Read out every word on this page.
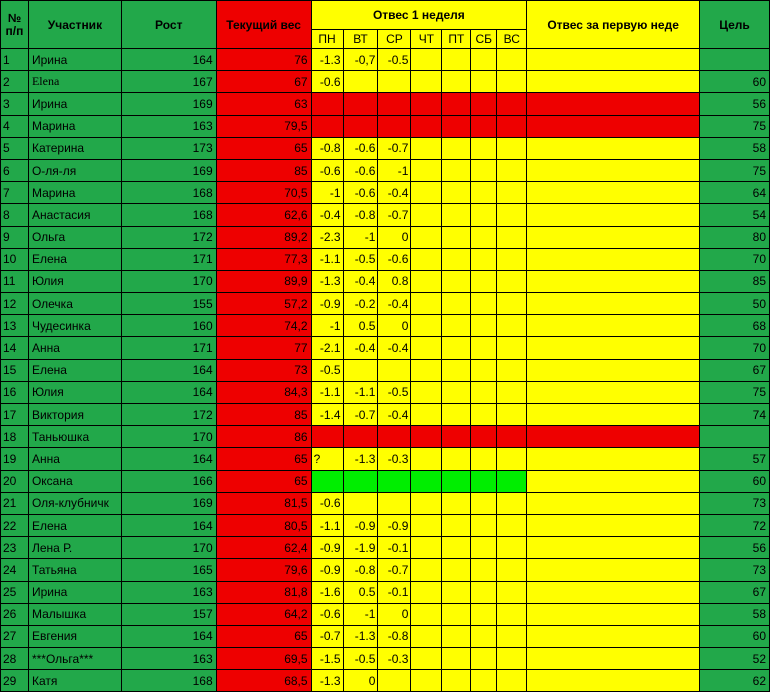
№ п/п	Участник	Рост	Текущий вес	Отвес 1 неделя							Отвес за первую неде	Цель
				ПН	ВТ	СР	ЧТ	ПТ	СБ	ВС		
1	Ирина	164	76	-1.3	-0,7	-0.5						
2	Elena	167	67	-0.6								60
3	Ирина	169	63									56
4	Марина	163	79,5									75
5	Катерина	173	65	-0.8	-0.6	-0.7						58
6	О-ля-ля	169	85	-0.6	-0.6	-1						75
7	Марина	168	70,5	-1	-0.6	-0.4						64
8	Анастасия	168	62,6	-0.4	-0.8	-0.7						54
9	Ольга	172	89,2	-2.3	-1	0						80
10	Елена	171	77,3	-1.1	-0.5	-0.6						70
11	Юлия	170	89,9	-1.3	-0.4	0.8						85
12	Олечка	155	57,2	-0.9	-0.2	-0.4						50
13	Чудесинка	160	74,2	-1	0.5	0						68
14	Анна	171	77	-2.1	-0.4	-0.4						70
15	Елена	164	73	-0.5								67
16	Юлия	164	84,3	-1.1	-1.1	-0.5						75
17	Виктория	172	85	-1.4	-0.7	-0.4						74
18	Таньюшка	170	86									
19	Анна	164	65	?	-1.3	-0.3						57
20	Оксана	166	65									60
21	Оля-клубничк	169	81,5	-0.6								73
22	Елена	164	80,5	-1.1	-0.9	-0.9						72
23	Лена Р.	170	62,4	-0.9	-1.9	-0.1						56
24	Татьяна	165	79,6	-0.9	-0.8	-0.7						73
25	Ирина	163	81,8	-1.6	0.5	-0.1						67
26	Малышка	157	64,2	-0.6	-1	0						58
27	Евгения	164	65	-0.7	-1.3	-0.8						60
28	***Ольга***	163	69,5	-1.5	-0.5	-0.3						52
29	Катя	168	68,5	-1.3	0							62
